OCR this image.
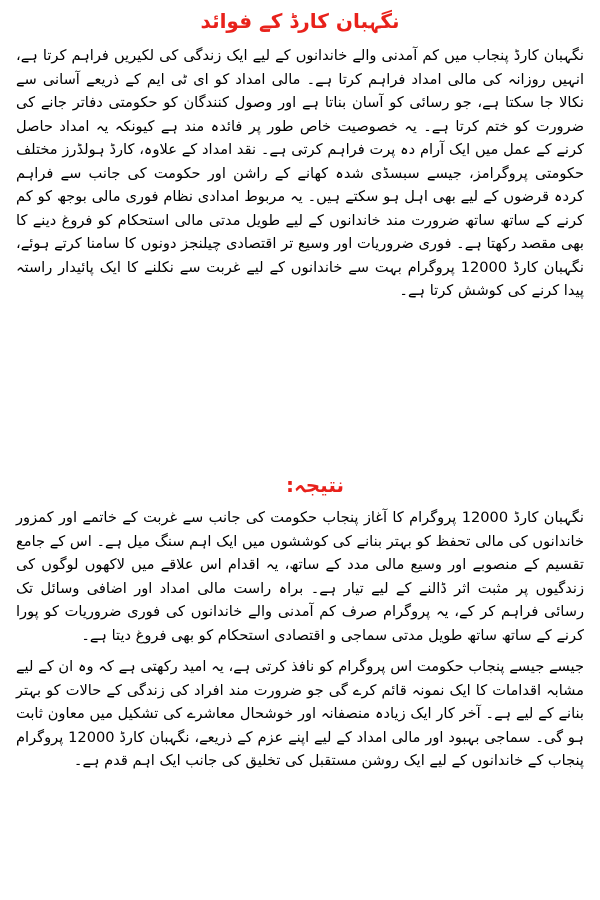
نگہبان کارڈ کے فوائد

نگہبان کارڈ پنجاب میں کم آمدنی والے خاندانوں کے لیے ایک زندگی کی لکیریں فراہم کرتا ہے، انہیں روزانہ کی مالی امداد فراہم کرتا ہے۔ مالی امداد کو ای ٹی ایم کے ذریعے آسانی سے نکالا جا سکتا ہے، جو رسائی کو آسان بناتا ہے اور وصول کنندگان کو حکومتی دفاتر جانے کی ضرورت کو ختم کرتا ہے۔ یہ خصوصیت خاص طور پر فائدہ مند ہے کیونکہ یہ امداد حاصل کرنے کے عمل میں ایک آرام دہ پرت فراہم کرتی ہے۔ نقد امداد کے علاوہ، کارڈ ہولڈرز مختلف حکومتی پروگرامز، جیسے سبسڈی شدہ کھانے کے راشن اور حکومت کی جانب سے فراہم کردہ قرضوں کے لیے بھی اہل ہو سکتے ہیں۔ یہ مربوط امدادی نظام فوری مالی بوجھ کو کم کرنے کے ساتھ ساتھ ضرورت مند خاندانوں کے لیے طویل مدتی مالی استحکام کو فروغ دینے کا بھی مقصد رکھتا ہے۔ فوری ضروریات اور وسیع تر اقتصادی چیلنجز دونوں کا سامنا کرتے ہوئے، نگہبان کارڈ 12000 پروگرام بہت سے خاندانوں کے لیے غربت سے نکلنے کا ایک پائیدار راستہ پیدا کرنے کی کوشش کرتا ہے۔

نتیجہ:

نگہبان کارڈ 12000 پروگرام کا آغاز پنجاب حکومت کی جانب سے غربت کے خاتمے اور کمزور خاندانوں کی مالی تحفظ کو بہتر بنانے کی کوششوں میں ایک اہم سنگ میل ہے۔ اس کے جامع تقسیم کے منصوبے اور وسیع مالی مدد کے ساتھ، یہ اقدام اس علاقے میں لاکھوں لوگوں کی زندگیوں پر مثبت اثر ڈالنے کے لیے تیار ہے۔ براہ راست مالی امداد اور اضافی وسائل تک رسائی فراہم کر کے، یہ پروگرام صرف کم آمدنی والے خاندانوں کی فوری ضروریات کو پورا کرنے کے ساتھ ساتھ طویل مدتی سماجی و اقتصادی استحکام کو بھی فروغ دیتا ہے۔

جیسے جیسے پنجاب حکومت اس پروگرام کو نافذ کرتی ہے، یہ امید رکھتی ہے کہ وہ ان کے لیے مشابہ اقدامات کا ایک نمونہ قائم کرے گی جو ضرورت مند افراد کی زندگی کے حالات کو بہتر بنانے کے لیے ہے۔ آخر کار ایک زیادہ منصفانہ اور خوشحال معاشرے کی تشکیل میں معاون ثابت ہو گی۔ سماجی بہبود اور مالی امداد کے لیے اپنے عزم کے ذریعے، نگہبان کارڈ 12000 پروگرام پنجاب کے خاندانوں کے لیے ایک روشن مستقبل کی تخلیق کی جانب ایک اہم قدم ہے۔
